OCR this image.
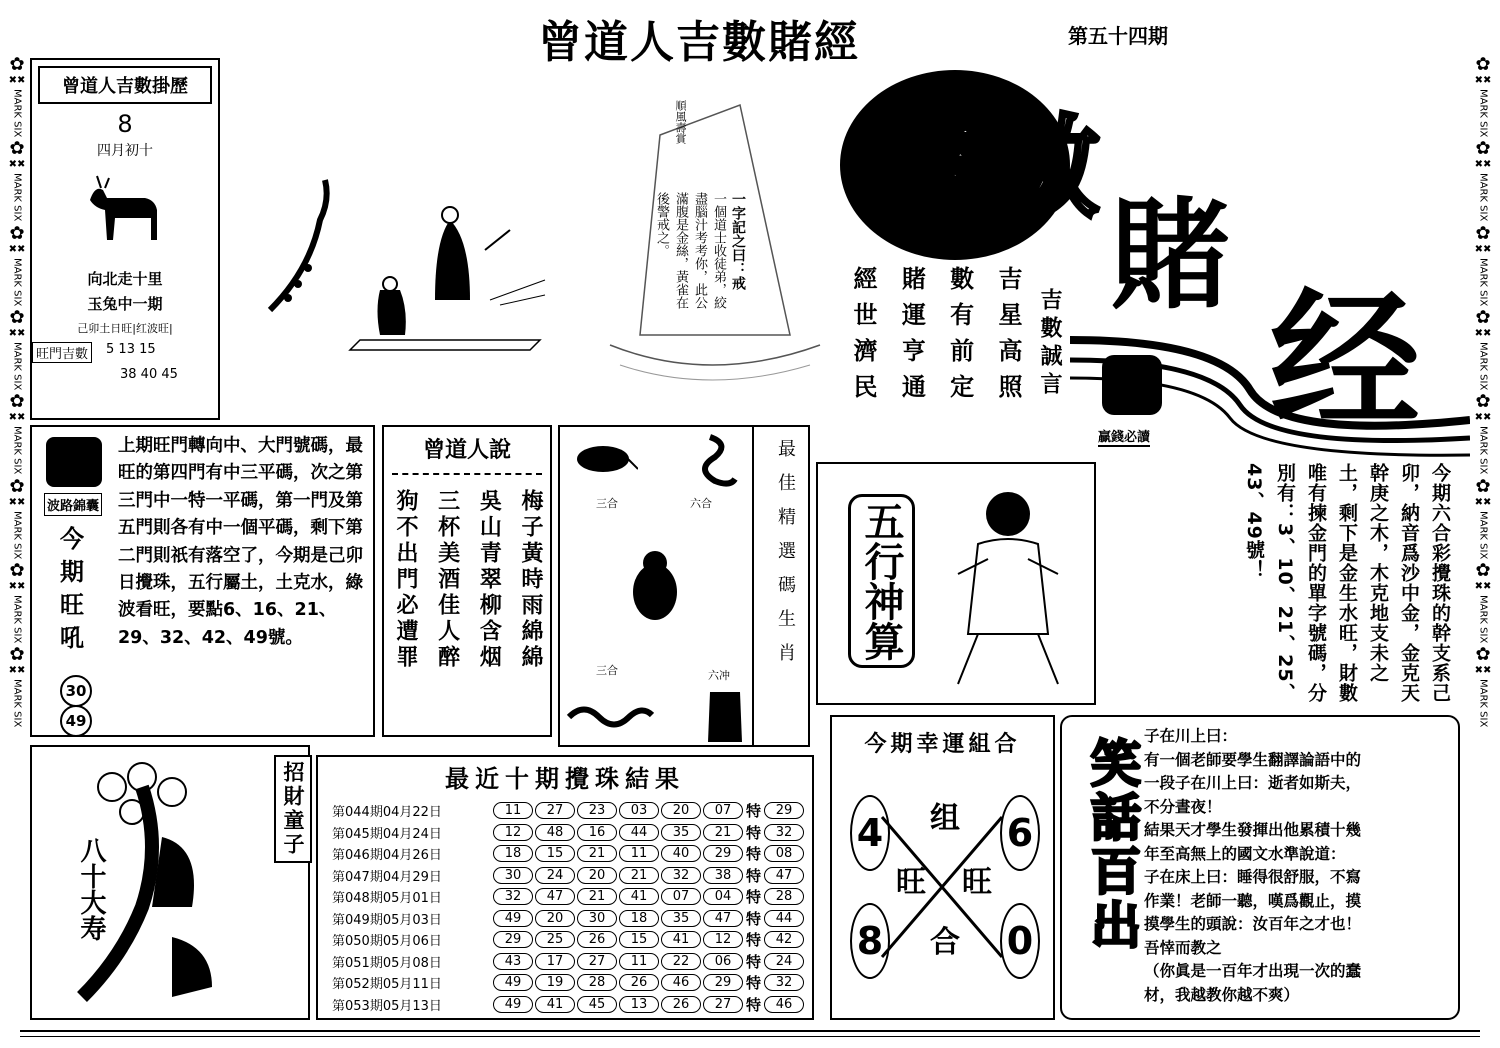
曾道人吉數賭經	第五十四期
✿
✖✖
MARK SIX
✿
✖✖
MARK SIX
✿
✖✖
MARK SIX
✿
✖✖
MARK SIX
✿
✖✖
MARK SIX
✿
✖✖
MARK SIX
✿
✖✖
MARK SIX
✿
✖✖
MARK SIX
✿
✖✖
MARK SIX
✿
✖✖
MARK SIX
✿
✖✖
MARK SIX
✿
✖✖
MARK SIX
✿
✖✖
MARK SIX
✿
✖✖
MARK SIX
✿
✖✖
MARK SIX
✿
✖✖
MARK SIX
曾道人吉數掛歷
8
四月初十
向北走十里
玉兔中一期
己卯土日旺|红波旺|
旺門吉數	5 13 15
38 40 45
順風壽賞
一字記之曰：戒
一個道士收徒弟，絞盡腦汁考考你，此公滿腹是金絲，黃雀在後警戒之。	吉 數
賭
经
贏錢必讀
吉星高照
數有前定
賭運亨通
經世濟民	吉數誠言
波路錦囊
今
期
旺
吼
30
49
上期旺門轉向中、大門號碼，最旺的第四門有中三平碼，次之第三門中一特一平碼，第一門及第五門則各有中一個平碼，剩下第二門則祇有落空了，今期是己卯日攪珠，五行屬土，土克水，綠波看旺，要點6、16、21、29、32、42、49號。
曾道人說
梅子黃時雨綿綿
吳山青翠柳含烟
三杯美酒佳人醉
狗不出門必遭罪	三合	六合
三合	六冲	最佳精選碼生肖 五行神算	今期六合彩攪珠的幹支系己卯，納音爲沙中金，金克天幹庚之木，木克地支未之土，剩下是金生水旺，財數唯有揀金門的單字號碼，分別有：3、10、21、25、43、49號！
八十大寿
招財童子	最近十期攪珠結果
第044期04月22日	11	27	23	03	20	07 特	29
第045期04月24日	12	48	16	44	35	21 特	32
第046期04月26日	18	15	21	11	40	29 特	08
第047期04月29日	30	24	20	21	32	38 特	47
第048期05月01日	32	47	21	41	07	04 特	28
第049期05月03日	49	20	30	18	35	47 特	44
第050期05月06日	29	25	26	15	41	12 特	42
第051期05月08日	43	17	27	11	22	06 特	24
第052期05月11日	49	19	28	26	46	29 特	32
第053期05月13日	49	41	45	13	26	27 特	46
今期幸運組合
4	6
8	0
组
旺 旺
合 笑話百出
子在川上曰：
有一個老師要學生翻譯論語中的
一段子在川上曰：逝者如斯夫，
不分晝夜！
結果天才學生發揮出他累積十幾
年至高無上的國文水準說道：
子在床上曰：睡得很舒服，不寫
作業！老師一聽，嘆爲觀止，摸
摸學生的頭說：汝百年之才也！
吾悻而教之
（你眞是一百年才出現一次的蠢
材，我越教你越不爽）
